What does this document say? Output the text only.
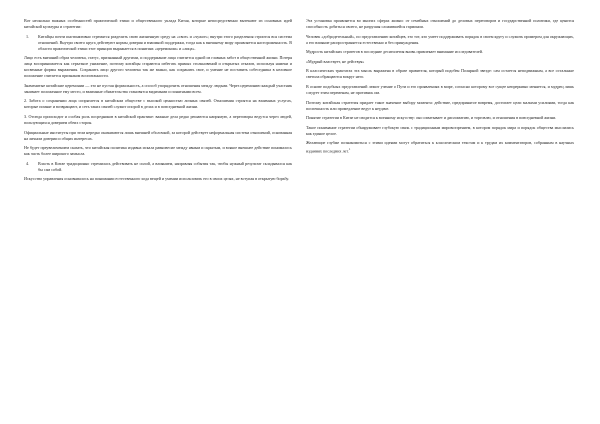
Вот несколько важных особенностей практической этики и общественного уклада Китая, которые непосредственно вытекают из основных идей китайской культуры и стратегии:

1. Китайцы почти инстинктивно стремятся разделить свою жизненную среду на «свое» и «чужое»; внутри этого разделения строится вся система отношений. Внутри своего круга действуют нормы доверия и взаимной поддержки, тогда как к внешнему миру проявляется настороженность. В области практической этики этот принцип выражается в понятиях «церемонии» и «лица».

Лицо есть внешний образ человека, статус, признанный другими, и поддержание лица считается одной из главных забот в общественной жизни. Потеря лица воспринимается как серьезное унижение, поэтому китайцы стараются избегать прямых столкновений и открытых отказов, используя намеки и косвенные формы выражения. Сохранить лицо другого человека так же важно, как сохранить свое, и умение не поставить собеседника в неловкое положение считается признаком воспитанности.

Знаменитые китайские церемонии — это не пустая формальность, а способ упорядочить отношения между людьми. Через церемонию каждый участник занимает положенное ему место, и взаимные обязательства становятся видимыми и понятными всем.

2. Забота о сохранении лица сопрягается в китайском обществе с высокой ценностью личных связей. Отношения строятся на взаимных услугах, которые помнят и возвращают, и сеть таких связей служит опорой в делах и в повседневной жизни.

3. Отсюда происходит и особая роль посредников в китайской практике: важные дела редко решаются напрямую, а переговоры ведутся через людей, пользующихся доверием обеих сторон.

Официальные институты при этом нередко оказываются лишь внешней оболочкой, за которой действует неформальная система отношений, основанная на личном доверии и общих интересах.

Не будет преувеличением сказать, что китайская политика издавна искала равновесие между явным и скрытым, и всякое внешнее действие понималось как часть более широкого замысла.

4. Власть в Китае традиционно стремилась действовать не силой, а влиянием, направляя события так, чтобы нужный результат складывался как бы сам собой.

Искусство управления основывалось на понимании естественного хода вещей и умении использовать его в своих целях, не вступая в открытую борьбу.

Эта установка проявляется во многих сферах жизни: от семейных отношений до деловых переговоров и государственной политики, где ценится способность добиться своего, не разрушая сложившейся гармонии.

Человек «добродетельный», по представлению китайцев, это тот, кто умеет поддерживать порядок в своем кругу и служить примером для окружающих, а его влияние распространяется естественно и без принуждения.

Мудрость китайских стратегов в последние десятилетия вновь привлекает внимание исследователей.

«Мудрый властвует, не действуя»

В классических трактатах эта мысль выражена в образе правителя, который подобен Полярной звезде: сам остается неподвижным, а все остальные светила обращаются вокруг него.

В основе подобных представлений лежит учение о Пути и его проявлениях в мире, согласно которому все сущее непрерывно меняется, и мудрец лишь следует этим переменам, не противясь им.

Поэтому китайская стратегия придает такое значение выбору момента: действие, предпринятое вовремя, достигает цели малыми усилиями, тогда как поспешность или промедление ведут к неудаче.

Понятие стратегии в Китае не сводится к военному искусству: оно охватывает и дипломатию, и торговлю, и отношения в повседневной жизни.

Такое понимание стратегии обнаруживает глубокую связь с традиционным мировоззрением, в котором порядок мира и порядок общества мыслились как единое целое.

Желающие глубже познакомиться с этими идеями могут обратиться к классическим текстам и к трудам их комментаторов, собранным в научных изданиях последних лет.$^1$
